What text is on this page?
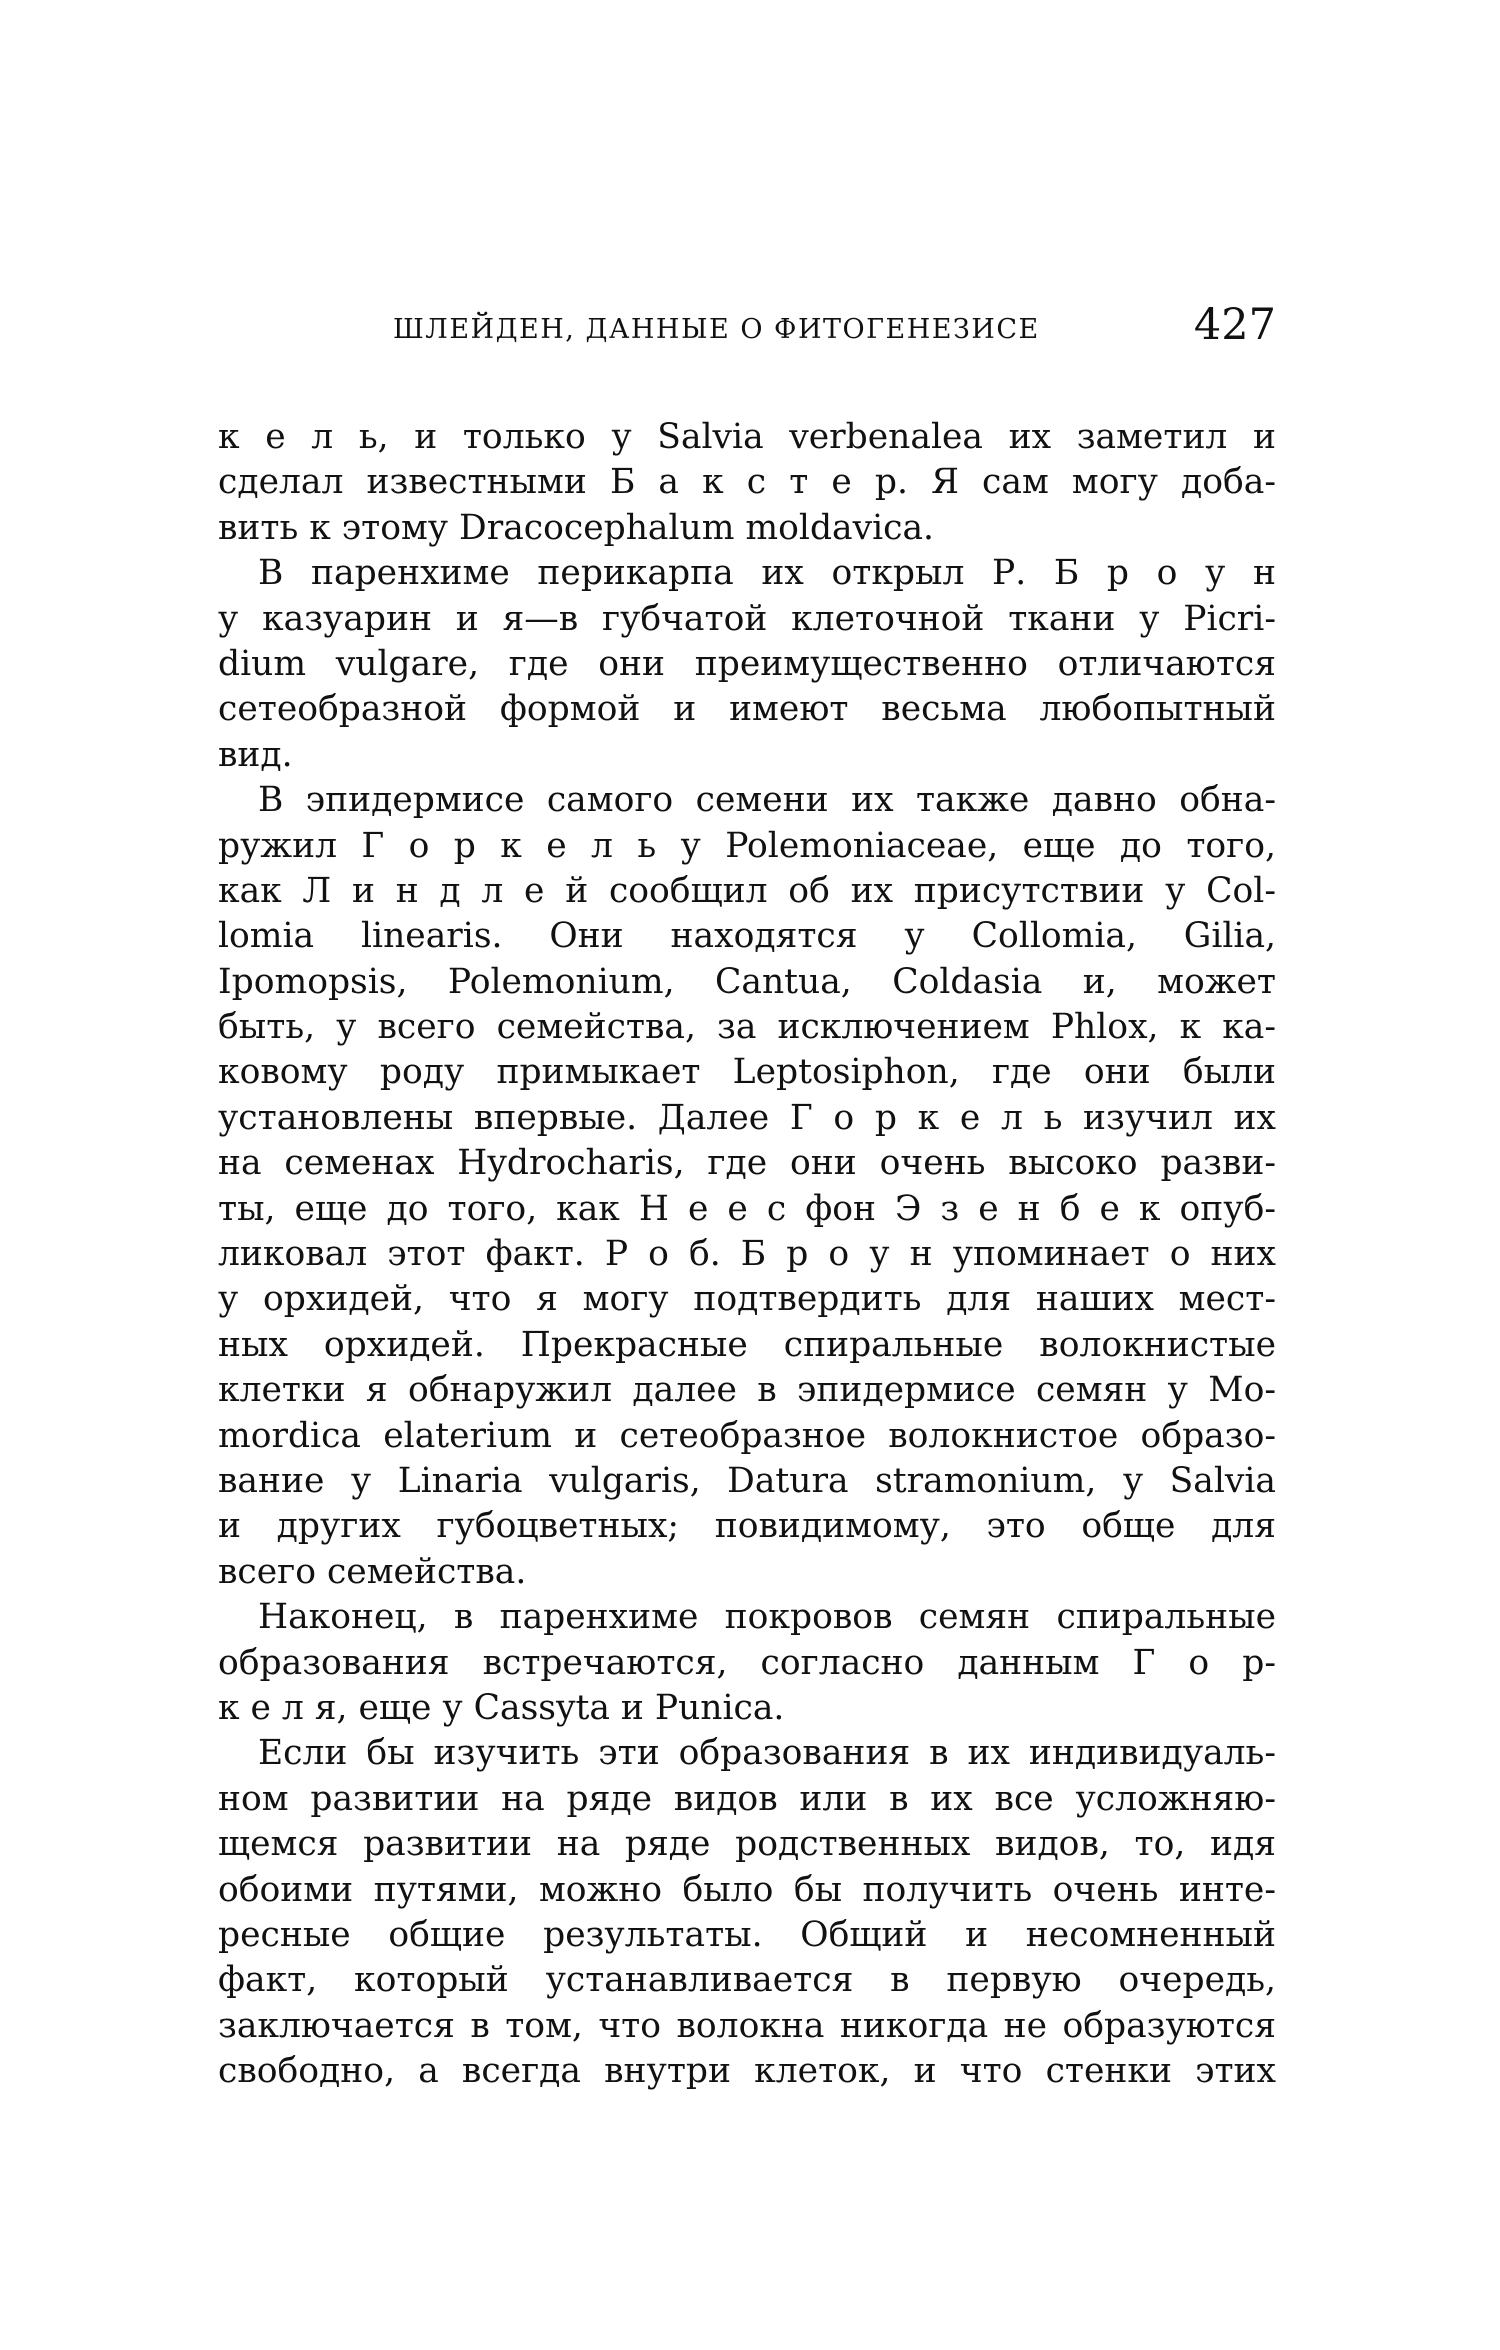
ШЛЕЙДЕН, ДАННЫЕ О ФИТОГЕНЕЗИСЕ	427
к е л ь, и только у Salvia verbenalea их заметил и
сделал известными Б а к с т е р. Я сам могу доба-
вить к этому Dracocephalum moldavica.
В паренхиме перикарпа их открыл Р. Б р о у н
у казуарин и я—в губчатой клеточной ткани у Picri-
dium vulgare, где они преимущественно отличаются
сетеобразной формой и имеют весьма любопытный
вид.
В эпидермисе самого семени их также давно обна-
ружил Г о р к е л ь у Polemoniaceae, еще до того,
как Л и н д л е й сообщил об их присутствии у Col-
lomia linearis. Они находятся у Collomia, Gilia,
Ipomopsis, Polemonium, Cantua, Coldasia и, может
быть, у всего семейства, за исключением Phlox, к ка-
ковому роду примыкает Leptosiphon, где они были
установлены впервые. Далее Г о р к е л ь изучил их
на семенах Hydrocharis, где они очень высоко разви-
ты, еще до того, как Н е е с фон Э з е н б е к опуб-
ликовал этот факт. Р о б. Б р о у н упоминает о них
у орхидей, что я могу подтвердить для наших мест-
ных орхидей. Прекрасные спиральные волокнистые
клетки я обнаружил далее в эпидермисе семян у Мо-
mordica elaterium и сетеобразное волокнистое образо-
вание у Linaria vulgaris, Datura stramonium, у Salvia
и других губоцветных; повидимому, это обще для
всего семейства.
Наконец, в паренхиме покровов семян спиральные
образования встречаются, согласно данным Г о р-
к е л я, еще у Cassyta и Punica.
Если бы изучить эти образования в их индивидуаль-
ном развитии на ряде видов или в их все усложняю-
щемся развитии на ряде родственных видов, то, идя
обоими путями, можно было бы получить очень инте-
ресные общие результаты. Общий и несомненный
факт, который устанавливается в первую очередь,
заключается в том, что волокна никогда не образуются
свободно, а всегда внутри клеток, и что стенки этих
